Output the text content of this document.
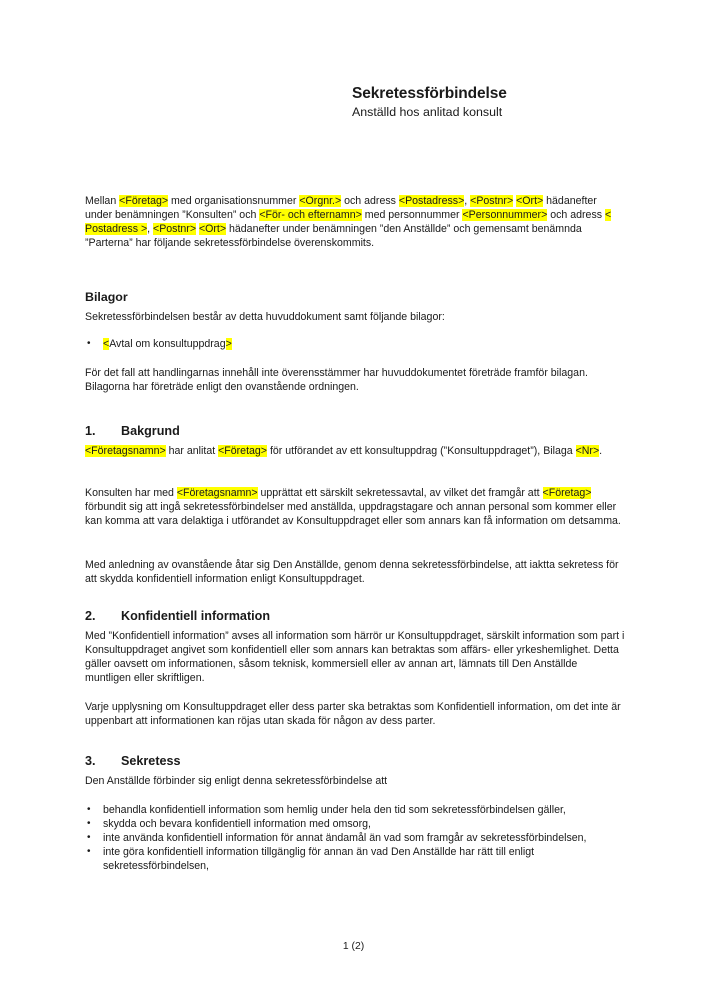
Sekretessförbindelse
Anställd hos anlitad konsult

Mellan <Företag> med organisationsnummer <Orgnr.> och adress <Postadress>, <Postnr> <Ort> hädanefter under benämningen ”Konsulten” och <För- och efternamn> med personnummer <Personnummer> och adress < Postadress >, <Postnr> <Ort> hädanefter under benämningen ”den Anställde” och gemensamt benämnda ”Parterna” har följande sekretessförbindelse överenskommits.

Bilagor

Sekretessförbindelsen består av detta huvuddokument samt följande bilagor:

• <Avtal om konsultuppdrag>

För det fall att handlingarnas innehåll inte överensstämmer har huvuddokumentet företräde framför bilagan. Bilagorna har företräde enligt den ovanstående ordningen.

1.	Bakgrund

<Företagsnamn> har anlitat <Företag> för utförandet av ett konsultuppdrag (”Konsultuppdraget”), Bilaga <Nr>.

Konsulten har med <Företagsnamn> upprättat ett särskilt sekretessavtal, av vilket det framgår att <Företag> förbundit sig att ingå sekretessförbindelser med anställda, uppdragstagare och annan personal som kommer eller kan komma att vara delaktiga i utförandet av Konsultuppdraget eller som annars kan få information om detsamma.

Med anledning av ovanstående åtar sig Den Anställde, genom denna sekretessförbindelse, att iaktta sekretess för att skydda konfidentiell information enligt Konsultuppdraget.

2.	Konfidentiell information

Med ”Konfidentiell information” avses all information som härrör ur Konsultuppdraget, särskilt information som part i Konsultuppdraget angivet som konfidentiell eller som annars kan betraktas som affärs- eller yrkeshemlighet. Detta gäller oavsett om informationen, såsom teknisk, kommersiell eller av annan art, lämnats till Den Anställde muntligen eller skriftligen.

Varje upplysning om Konsultuppdraget eller dess parter ska betraktas som Konfidentiell information, om det inte är uppenbart att informationen kan röjas utan skada för någon av dess parter.

3.	Sekretess

Den Anställde förbinder sig enligt denna sekretessförbindelse att

• behandla konfidentiell information som hemlig under hela den tid som sekretessförbindelsen gäller,
• skydda och bevara konfidentiell information med omsorg,
• inte använda konfidentiell information för annat ändamål än vad som framgår av sekretessförbindelsen,
• inte göra konfidentiell information tillgänglig för annan än vad Den Anställde har rätt till enligt sekretessförbindelsen,
1 (2)
